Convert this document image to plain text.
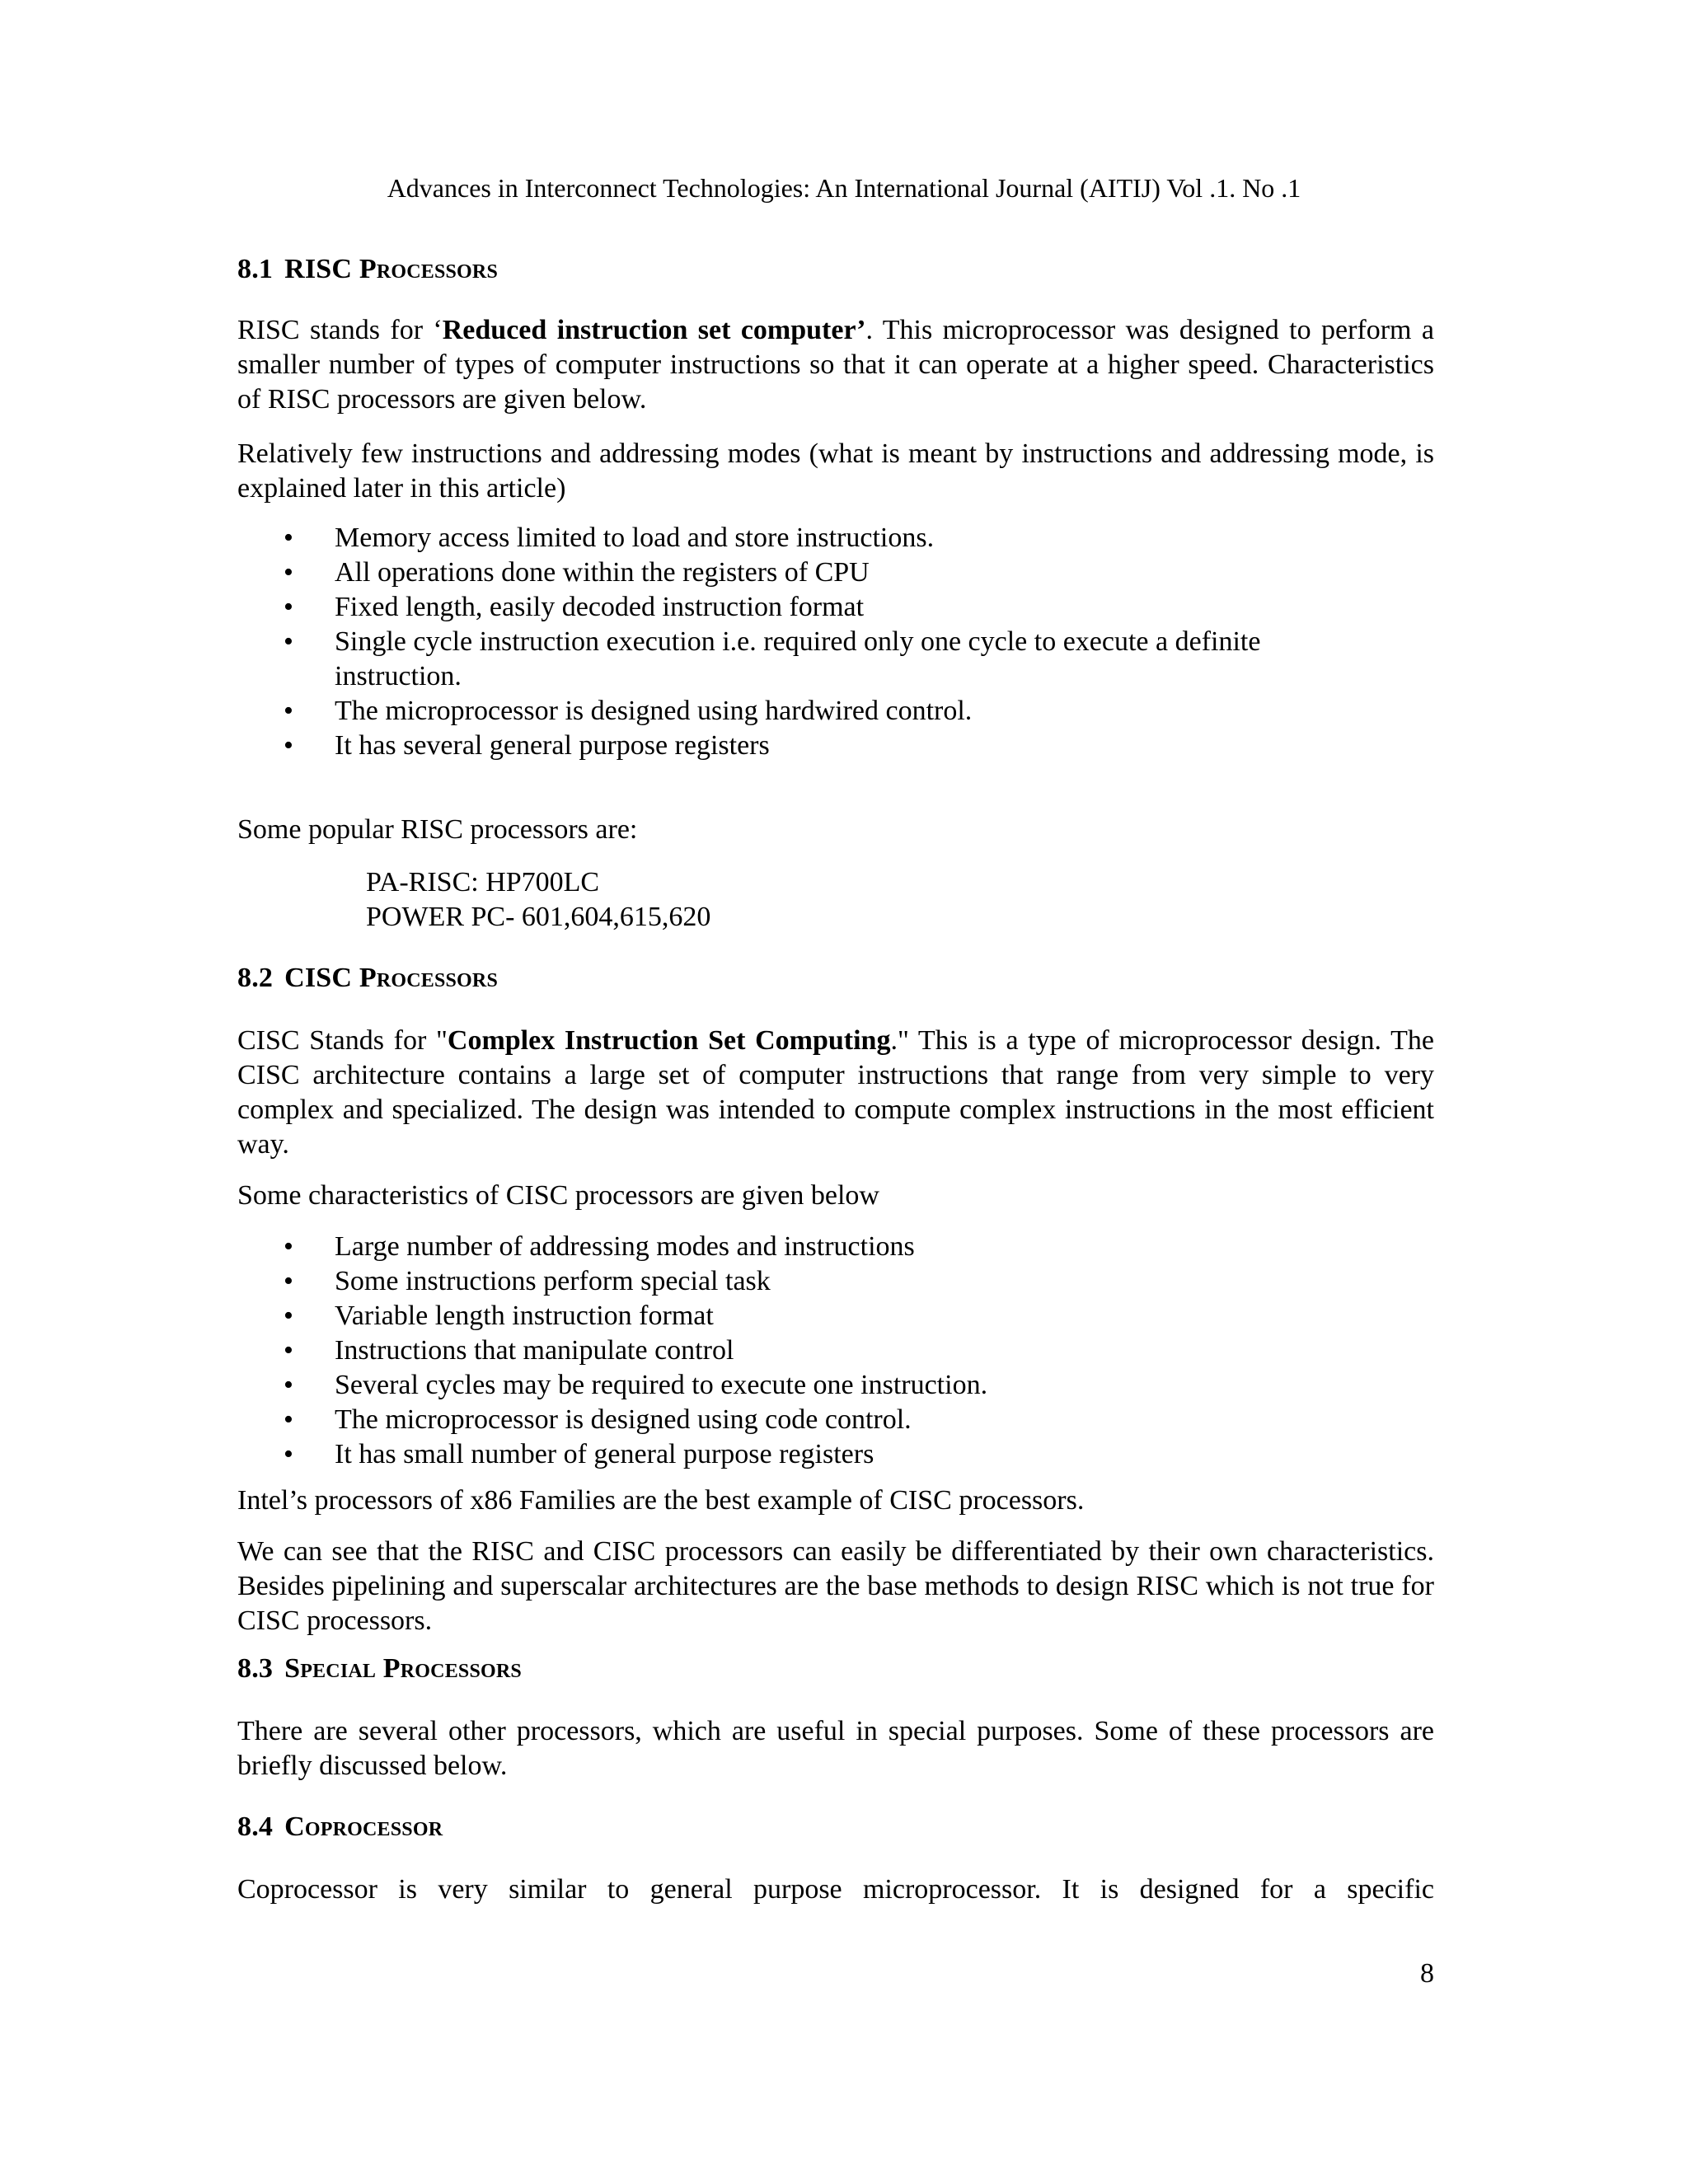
Advances in Interconnect Technologies: An International Journal (AITIJ) Vol .1. No .1
8.1 RISC Processors

RISC stands for ‘Reduced instruction set computer’. This microprocessor was designed to perform a smaller number of types of computer instructions so that it can operate at a higher speed. Characteristics of RISC processors are given below.

Relatively few instructions and addressing modes (what is meant by instructions and addressing mode, is explained later in this article)

• Memory access limited to load and store instructions.
• All operations done within the registers of CPU
• Fixed length, easily decoded instruction format
• Single cycle instruction execution i.e. required only one cycle to execute a definite instruction.
• The microprocessor is designed using hardwired control.
• It has several general purpose registers

Some popular RISC processors are:

PA-RISC: HP700LC
POWER PC- 601,604,615,620
8.2 CISC Processors

CISC Stands for "Complex Instruction Set Computing." This is a type of microprocessor design. The CISC architecture contains a large set of computer instructions that range from very simple to very complex and specialized. The design was intended to compute complex instructions in the most efficient way.

Some characteristics of CISC processors are given below

• Large number of addressing modes and instructions
• Some instructions perform special task
• Variable length instruction format
• Instructions that manipulate control
• Several cycles may be required to execute one instruction.
• The microprocessor is designed using code control.
• It has small number of general purpose registers

Intel’s processors of x86 Families are the best example of CISC processors.

We can see that the RISC and CISC processors can easily be differentiated by their own characteristics. Besides pipelining and superscalar architectures are the base methods to design RISC which is not true for CISC processors.

8.3 Special Processors

There are several other processors, which are useful in special purposes. Some of these processors are briefly discussed below.

8.4 Coprocessor

Coprocessor is very similar to general purpose microprocessor. It is designed for a specific

8
